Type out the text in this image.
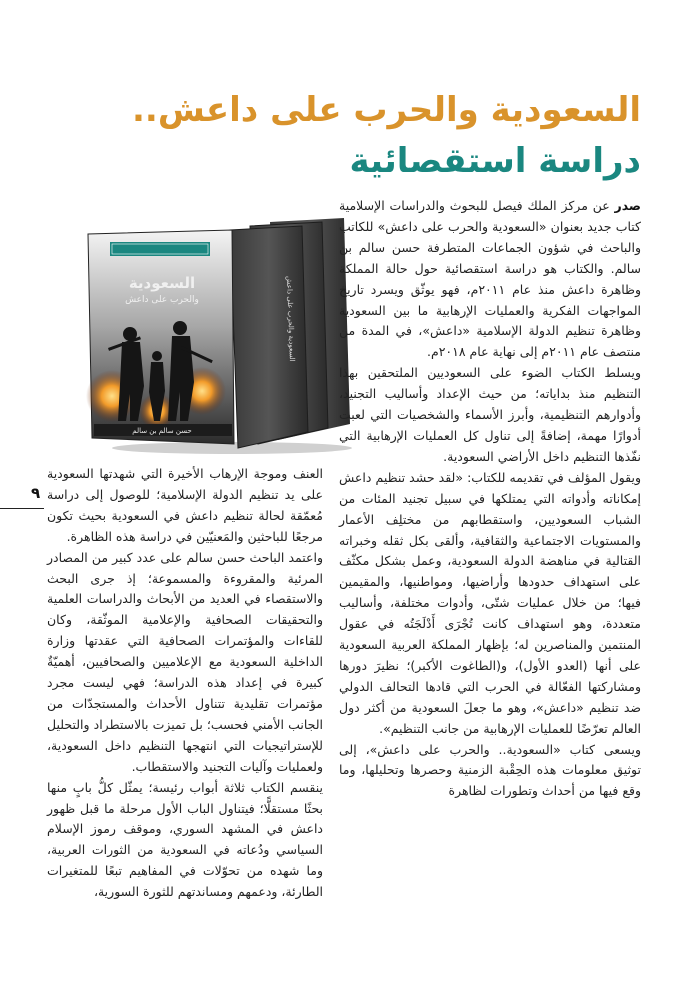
السعودية والحرب على داعش..
دراسة استقصائية
السعودية والحرب على داعش
السعودية
والحرب على داعش
حسن سالم بن سالم

صدر عن مركز الملك فيصل للبحوث والدراسات الإسلامية كتاب جديد بعنوان «السعودية والحرب على داعش» للكاتب والباحث في شؤون الجماعات المتطرفة حسن سالم بن سالم. والكتاب هو دراسة استقصائية حول حالة المملكة وظاهرة داعش منذ عام ٢٠١١م، فهو يوثّق ويسرد تاريخ المواجهات الفكرية والعمليات الإرهابية ما بين السعودية وظاهرة تنظيم الدولة الإسلامية «داعش»، في المدة من منتصف عام ٢٠١١م إلى نهاية عام ٢٠١٨م.

ويسلط الكتاب الضوء على السعوديين الملتحقين بهذا التنظيم منذ بداياته؛ من حيث الإعداد وأساليب التجنيد، وأدوارهم التنظيمية، وأبرز الأسماء والشخصيات التي لعبت أدوارًا مهمة، إضافةً إلى تناول كل العمليات الإرهابية التي نفّذها التنظيم داخل الأراضي السعودية.

ويقول المؤلف في تقديمه للكتاب: «لقد حشد تنظيم داعش إمكاناته وأدواته التي يمتلكها في سبيل تجنيد المئات من الشباب السعوديين، واستقطابهم من مختلِف الأعمار والمستويات الاجتماعية والثقافية، وألقى بكل ثقله وخبراته القتالية في مناهضة الدولة السعودية، وعمل بشكل مكثّف على استهداف حدودها وأراضيها، ومواطنيها، والمقيمين فيها؛ من خلال عمليات شتّى، وأدوات مختلفة، وأساليب متعددة، وهو استهداف كانت تُجْرَى أَدْلَجَتُه في عقول المنتمين والمناصرين له؛ بإظهار المملكة العربية السعودية على أنها (العدو الأول)، و(الطاغوت الأكبر)؛ نظيرَ دورها ومشاركتها الفعّالة في الحرب التي قادها التحالف الدولي ضد تنظيم «داعش»، وهو ما جعلَ السعودية من أكثر دول العالم تعرّضًا للعمليات الإرهابية من جانب التنظيم».

ويسعى كتاب «السعودية.. والحرب على داعش»، إلى توثيق معلومات هذه الحِقْبة الزمنية وحصرها وتحليلها، وما وقع فيها من أحداث وتطورات لظاهرة

العنف وموجة الإرهاب الأخيرة التي شهدتها السعودية على يد تنظيم الدولة الإسلامية؛ للوصول إلى دراسة مُعمّقة لحالة تنظيم داعش في السعودية بحيث تكون مرجعًا للباحثين والمَعنيّين في دراسة هذه الظاهرة.

واعتمد الباحث حسن سالم على عدد كبير من المصادر المرئية والمقروءة والمسموعة؛ إذ جرى البحث والاستقصاء في العديد من الأبحاث والدراسات العلمية والتحقيقات الصحافية والإعلامية الموثّقة، وكان للقاءات والمؤتمرات الصحافية التي عقدتها وزارة الداخلية السعودية مع الإعلاميين والصحافيين، أهميّةٌ كبيرة في إعداد هذه الدراسة؛ فهي ليست مجرد مؤتمرات تقليدية تتناول الأحداث والمستجدّات من الجانب الأمني فحسب؛ بل تميزت بالاستطراد والتحليل للإستراتيجيات التي انتهجها التنظيم داخل السعودية، ولعمليات وآليات التجنيد والاستقطاب.

ينقسم الكتاب ثلاثة أبواب رئيسة؛ يمثّل كلُّ بابٍ منها بحثًا مستقلًّا؛ فيتناول الباب الأول مرحلة ما قبل ظهور داعش في المشهد السوري، وموقف رموز الإسلام السياسي ودُعاته في السعودية من الثورات العربية، وما شهده من تحوّلات في المفاهيم تبعًا للمتغيرات الطارئة، ودعمهم ومساندتهم للثورة السورية،

٩
